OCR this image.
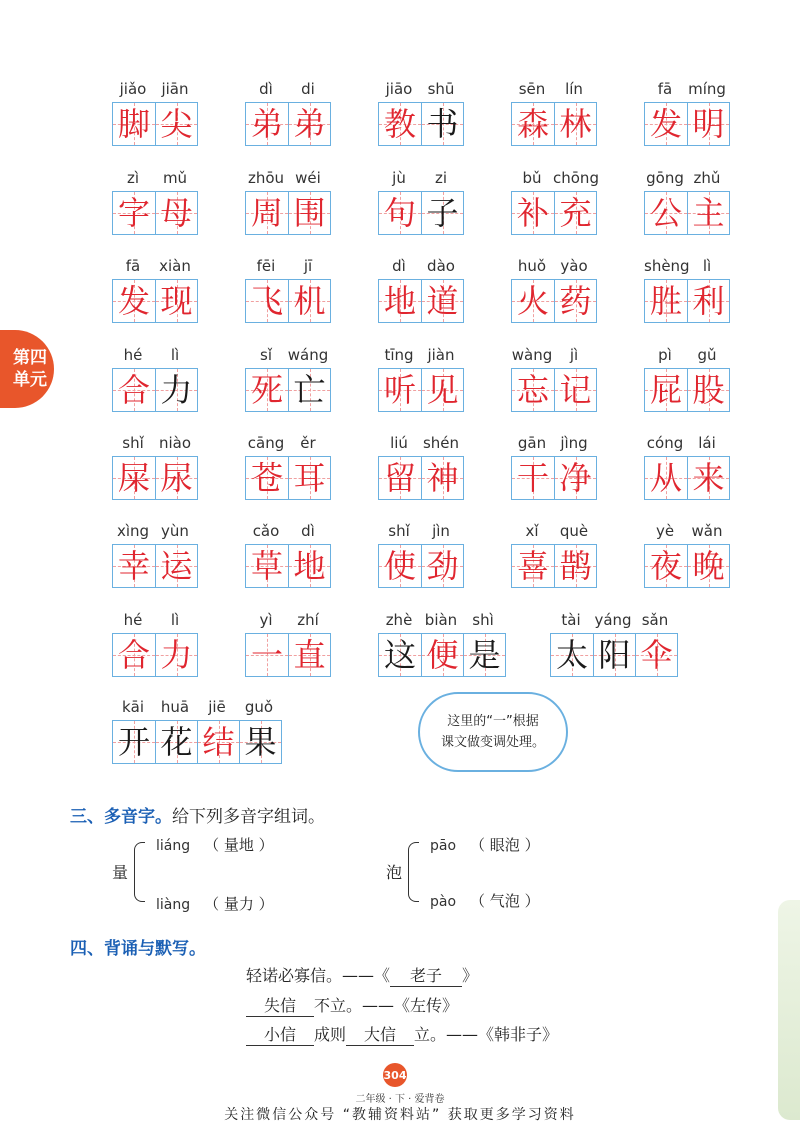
第四
单元
jiǎo	jiān
脚 尖
dì	di
弟 弟
jiāo	shū
教 书
sēn	lín
森 林
fā	míng
发 明
zì	mǔ
字 母
zhōu wéi
周 围
jù	zi
句 子
bǔ chōng
补 充
gōng zhǔ
公 主
fā	xiàn
发 现
fēi	jī
飞 机
dì	dào
地 道
huǒ yào
火 药
shèng lì
胜 利
hé	lì
合 力
sǐ	wáng
死 亡
tīng jiàn
听 见
wàng	jì
忘 记
pì	gǔ
屁 股
shǐ	niào
屎 尿
cāng	ěr
苍 耳
liú	shén
留 神
gān jìng
干 净
cóng	lái
从 来
xìng yùn
幸 运
cǎo	dì
草 地
shǐ	jìn
使 劲
xǐ	què
喜 鹊
yè	wǎn
夜 晚
hé	lì
合 力
yì	zhí
一 直
zhè biàn	shì
这 便 是
tài yáng sǎn
太 阳 伞
kāi	huā	jiē	guǒ
开 花 结 果
这里的“一”根据
课文做变调处理。
三、多音字。给下列多音字组词。
量
liáng （ 量地 ）
liàng （ 量力 ）
泡
pāo （ 眼泡 ）
pào （ 气泡 ）
四、背诵与默写。
轻诺必寡信。——《 老子 》
失信 不立。——《左传》
小信 成则 大信 立。——《韩非子》
304
二年级 · 下 · 爱背卷
关注微信公众号 “教辅资料站” 获取更多学习资料
